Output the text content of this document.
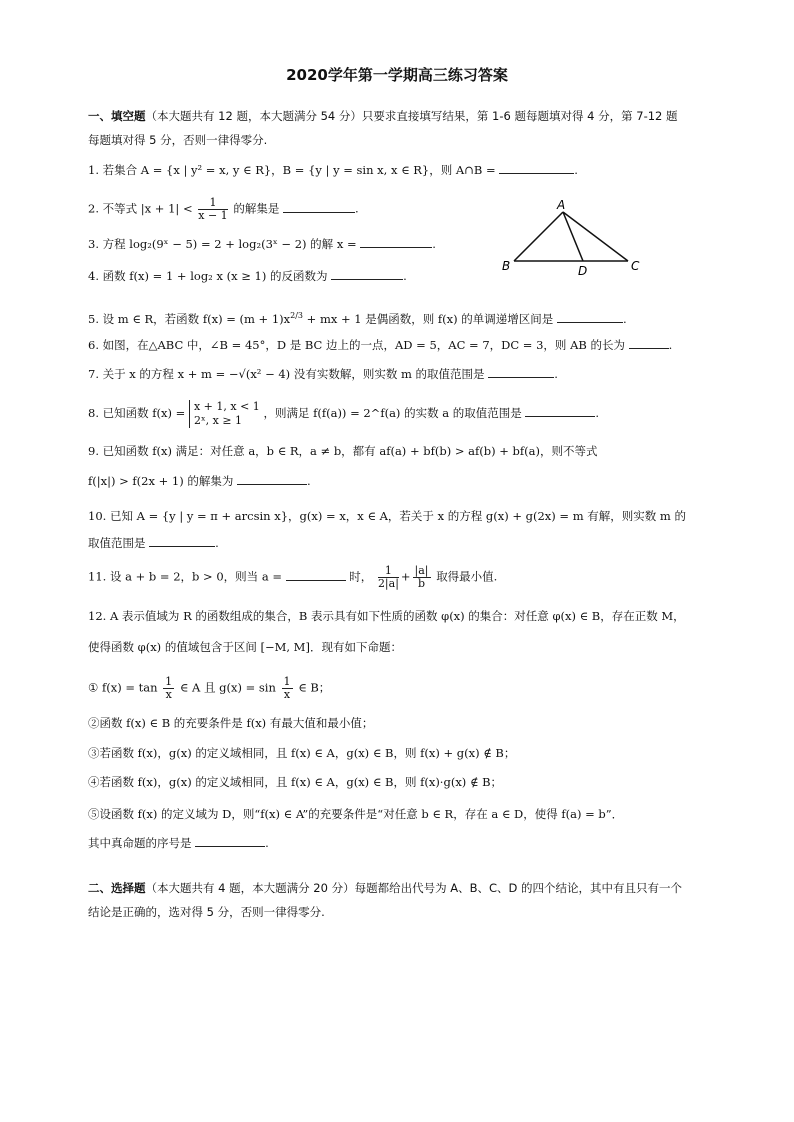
2020学年第一学期高三练习答案
一、填空题（本大题共有 12 题，本大题满分 54 分）只要求直接填写结果，第 1-6 题每题填对得 4 分，第 7-12 题每题填对得 5 分，否则一律得零分.
1. 若集合 A = {x | y² = x, y ∈ R}，B = {y | y = sin x, x ∈ R}，则 A∩B =	.
2. 不等式 $|x + 1| < \frac{1}{x - 1}$ 的解集是	.
3. 方程 log₂(9ˣ − 5) = 2 + log₂(3ˣ − 2) 的解 x =	.
4. 函数 f(x) = 1 + log₂ x (x ≥ 1) 的反函数为	.
A
B	C
D
5. 设 m ∈ R，若函数 $f(x) = (m + 1)x^{2/3}$ + mx + 1 是偶函数，则 f(x) 的单调递增区间是	.
6. 如图，在△ABC 中，∠B = 45°，D 是 BC 边上的一点，AD = 5，AC = 7，DC = 3，则 AB 的长为	.
7. 关于 x 的方程 x + m = −√(x² − 4) 没有实数解，则实数 m 的取值范围是	.
8. 已知函数 f(x) = x + 1, x < 1
2ˣ, x ≥ 1
，则满足 f(f(a)) = 2^f(a) 的实数 a 的取值范围是	.
9. 已知函数 f(x) 满足：对任意 a，b ∈ R，a ≠ b，都有 af(a) + bf(b) > af(b) + bf(a)，则不等式
f(|x|) > f(2x + 1) 的解集为	.
10. 已知 A = {y | y = π + arcsin x}，g(x) = x，x ∈ A，若关于 x 的方程 g(x) + g(2x) = m 有解，则实数 m 的
取值范围是	.
11. 设 a + b = 2，b > 0，则当 a =	时， $\frac{1}{2|a|} + \frac{|a|}{b}$ 取得最小值.
12. A 表示值域为 R 的函数组成的集合，B 表示具有如下性质的函数 φ(x) 的集合：对任意 φ(x) ∈ B，存在正数 M，
使得函数 φ(x) 的值域包含于区间 [−M, M]．现有如下命题：
① $f(x) = \tan \frac{1}{x}$ ∈ A 且 $g(x) = \sin \frac{1}{x}$ ∈ B；
②函数 f(x) ∈ B 的充要条件是 f(x) 有最大值和最小值；
③若函数 f(x)，g(x) 的定义域相同，且 f(x) ∈ A，g(x) ∈ B，则 f(x) + g(x) ∉ B；
④若函数 f(x)，g(x) 的定义域相同，且 f(x) ∈ A，g(x) ∈ B，则 f(x)·g(x) ∉ B；
⑤设函数 f(x) 的定义域为 D，则“f(x) ∈ A”的充要条件是“对任意 b ∈ R，存在 a ∈ D，使得 f(a) = b”．
其中真命题的序号是	.
二、选择题（本大题共有 4 题，本大题满分 20 分）每题都给出代号为 A、B、C、D 的四个结论，其中有且只有一个结论是正确的，选对得 5 分，否则一律得零分.
